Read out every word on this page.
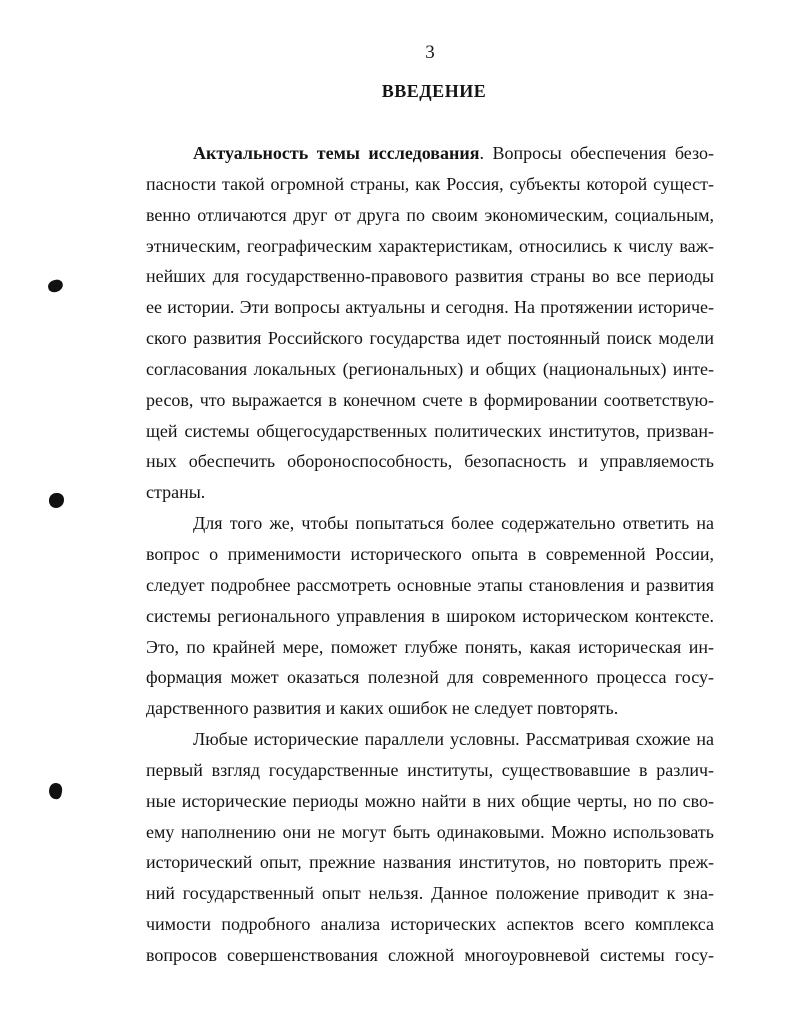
3
ВВЕДЕНИЕ
Актуальность темы исследования. Вопросы обеспечения безо-
пасности такой огромной страны, как Россия, субъекты которой сущест-
венно отличаются друг от друга по своим экономическим, социальным,
этническим, географическим характеристикам, относились к числу важ-
нейших для государственно-правового развития страны во все периоды
ее истории. Эти вопросы актуальны и сегодня. На протяжении историче-
ского развития Российского государства идет постоянный поиск модели
согласования локальных (региональных) и общих (национальных) инте-
ресов, что выражается в конечном счете в формировании соответствую-
щей системы общегосударственных политических институтов, призван-
ных обеспечить обороноспособность, безопасность и управляемость
страны.
Для того же, чтобы попытаться более содержательно ответить на
вопрос о применимости исторического опыта в современной России,
следует подробнее рассмотреть основные этапы становления и развития
системы регионального управления в широком историческом контексте.
Это, по крайней мере, поможет глубже понять, какая историческая ин-
формация может оказаться полезной для современного процесса госу-
дарственного развития и каких ошибок не следует повторять.
Любые исторические параллели условны. Рассматривая схожие на
первый взгляд государственные институты, существовавшие в различ-
ные исторические периоды можно найти в них общие черты, но по сво-
ему наполнению они не могут быть одинаковыми. Можно использовать
исторический опыт, прежние названия институтов, но повторить преж-
ний государственный опыт нельзя. Данное положение приводит к зна-
чимости подробного анализа исторических аспектов всего комплекса
вопросов совершенствования сложной многоуровневой системы госу-
